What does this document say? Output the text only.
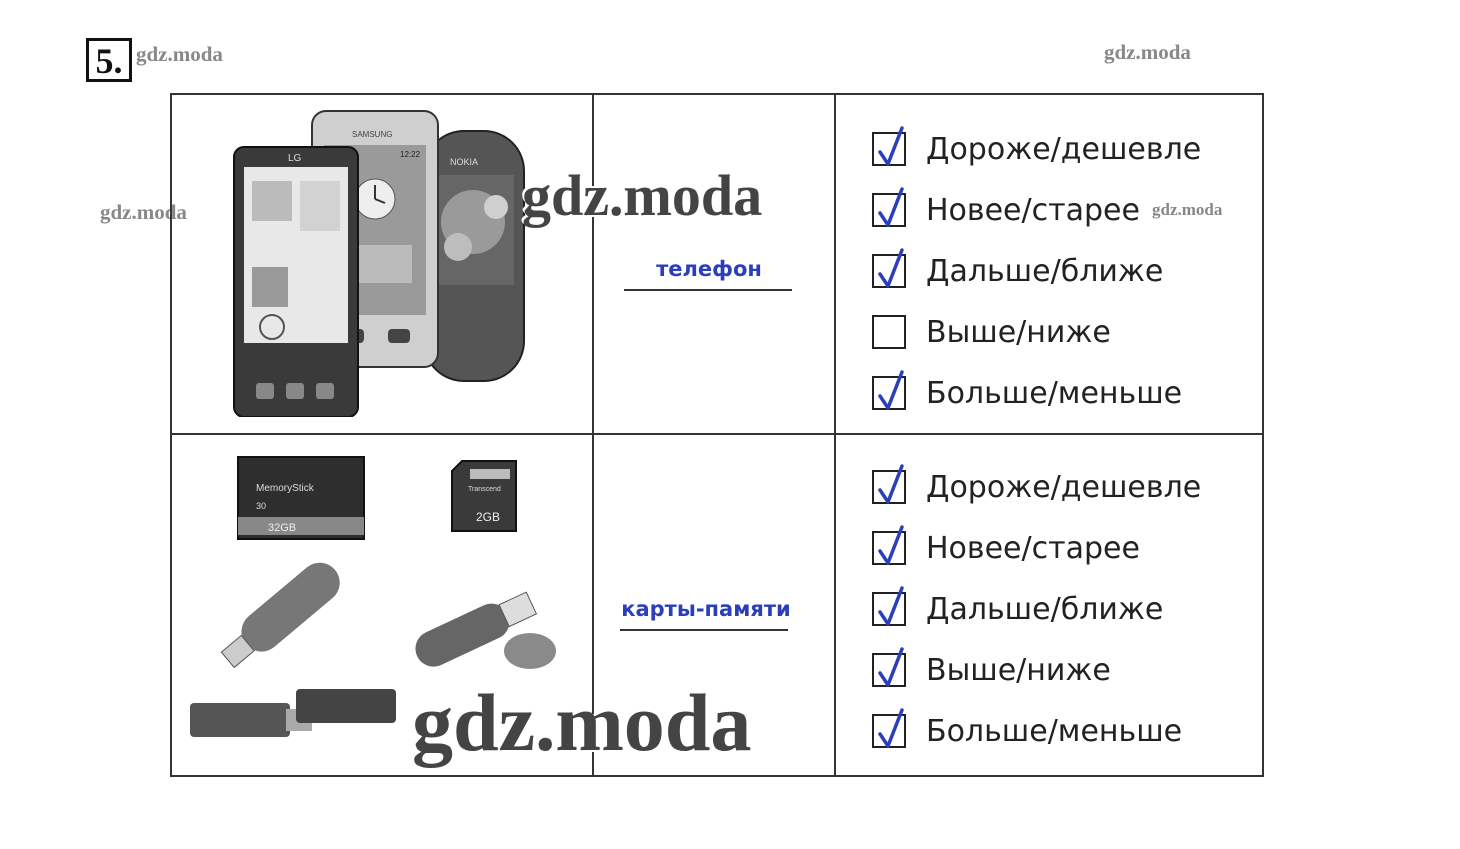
5. gdz.moda	gdz.moda
gdz.moda	gdz.moda
NOKIA
SAMSUNG
12:22
LG
MemoryStick
30
32GB
Transcend
2GB
телефон
карты-памяти
Дороже/дешевле
Новее/старее
Дальше/ближе
Выше/ниже
Больше/меньше
Дороже/дешевле
Новее/старее
Дальше/ближе
Выше/ниже
Больше/меньше
gdz.moda
gdz.moda
